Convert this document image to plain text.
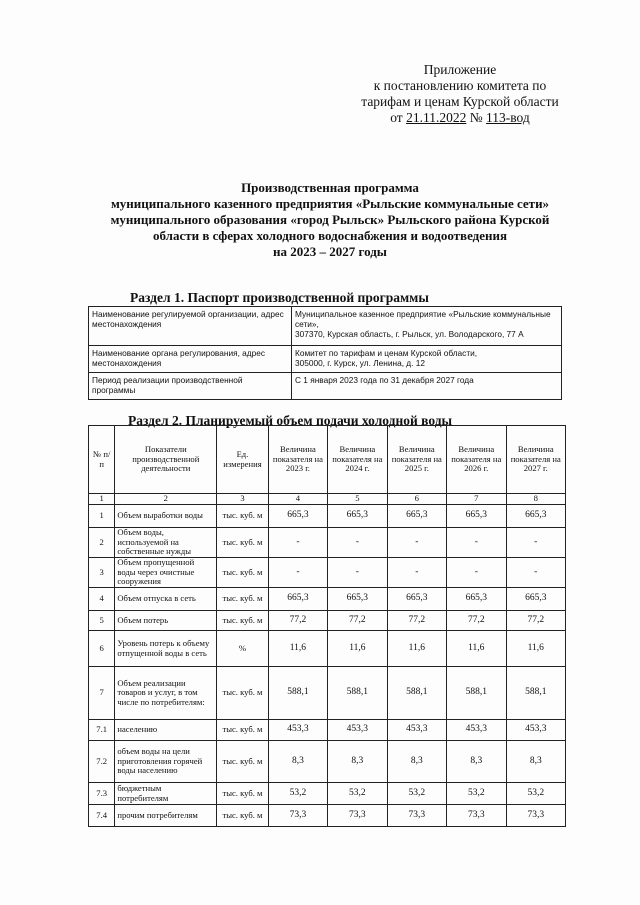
Приложение
к постановлению комитета по
тарифам и ценам Курской области
от 21.11.2022 № 113-вод
Производственная программа
муниципального казенного предприятия «Рыльские коммунальные сети»
муниципального образования «город Рыльск» Рыльского района Курской
области в сферах холодного водоснабжения и водоотведения
на 2023 – 2027 годы
Раздел 1. Паспорт производственной программы
Наименование регулируемой организации, адрес местонахождения	Муниципальное казенное предприятие «Рыльские коммунальные сети»,
307370, Курская область, г. Рыльск, ул. Володарского, 77 А

Наименование органа регулирования, адрес местонахождения	Комитет по тарифам и ценам Курской области,
305000, г. Курск, ул. Ленина, д. 12

Период реализации производственной программы	С 1 января 2023 года по 31 декабря 2027 года
Раздел 2. Планируемый объем подачи холодной воды
№ п/п	Показатели производственной деятельности	Ед. измерения	Величина показателя на 2023 г.	Величина показателя на 2024 г.	Величина показателя на 2025 г.	Величина показателя на 2026 г.	Величина показателя на 2027 г.
1	2	3	4	5	6	7	8
1	Объем выработки воды	тыс. куб. м	665,3	665,3	665,3	665,3	665,3
2	Объем воды, используемой на собственные нужды	тыс. куб. м	-	-	-	-	-
3	Объем пропущенной воды через очистные сооружения	тыс. куб. м	-	-	-	-	-
4	Объем отпуска в сеть	тыс. куб. м	665,3	665,3	665,3	665,3	665,3
5	Объем потерь	тыс. куб. м	77,2	77,2	77,2	77,2	77,2
6	Уровень потерь к объему отпущенной воды в сеть	%	11,6	11,6	11,6	11,6	11,6
7	Объем реализации товаров и услуг, в том числе по потребителям:	тыс. куб. м	588,1	588,1	588,1	588,1	588,1
7.1	населению	тыс. куб. м	453,3	453,3	453,3	453,3	453,3
7.2	объем воды на цели приготовления горячей воды населению	тыс. куб. м	8,3	8,3	8,3	8,3	8,3
7.3	бюджетным потребителям	тыс. куб. м	53,2	53,2	53,2	53,2	53,2
7.4	прочим потребителям	тыс. куб. м	73,3	73,3	73,3	73,3	73,3
